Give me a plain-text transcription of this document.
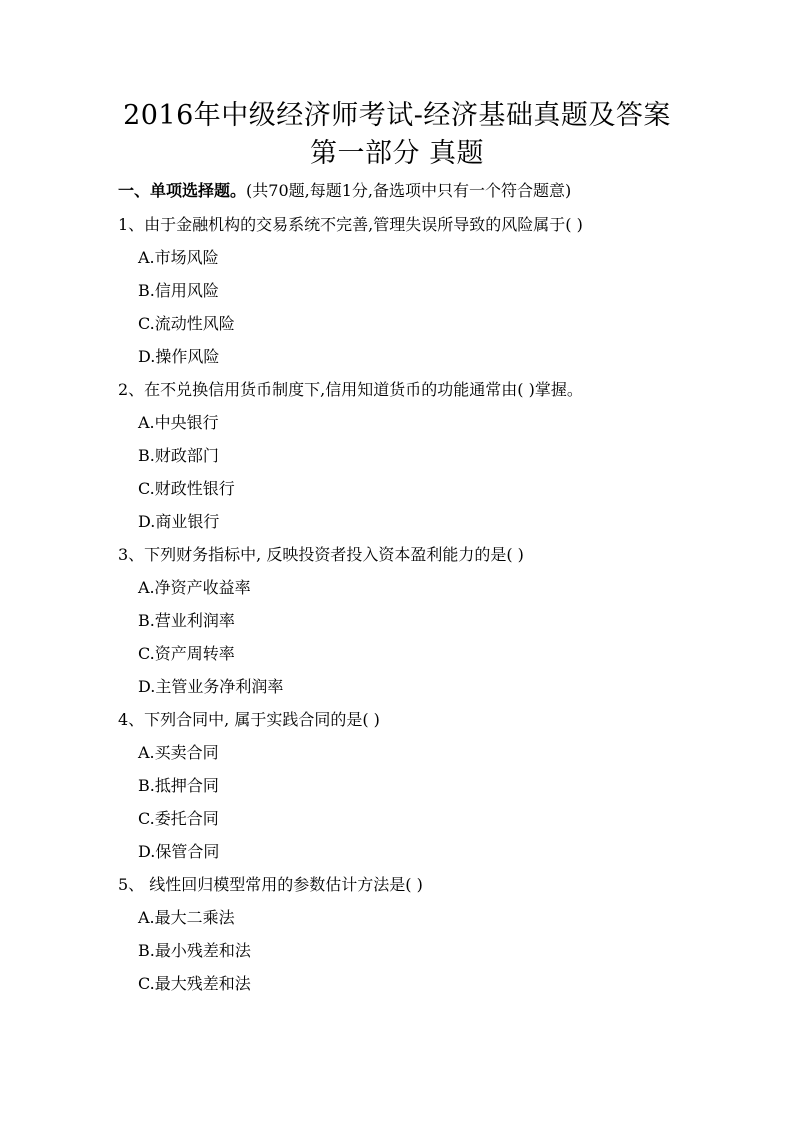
2016年中级经济师考试-经济基础真题及答案
第一部分 真题
一、单项选择题。(共70题,每题1分,备选项中只有一个符合题意)
1、由于金融机构的交易系统不完善,管理失误所导致的风险属于( )
A.市场风险
B.信用风险
C.流动性风险
D.操作风险
2、在不兑换信用货币制度下,信用知道货币的功能通常由( )掌握。
A.中央银行
B.财政部门
C.财政性银行
D.商业银行
3、下列财务指标中, 反映投资者投入资本盈利能力的是( )
A.净资产收益率
B.营业利润率
C.资产周转率
D.主管业务净利润率
4、下列合同中, 属于实践合同的是( )
A.买卖合同
B.抵押合同
C.委托合同
D.保管合同
5、 线性回归模型常用的参数估计方法是( )
A.最大二乘法
B.最小残差和法
C.最大残差和法
